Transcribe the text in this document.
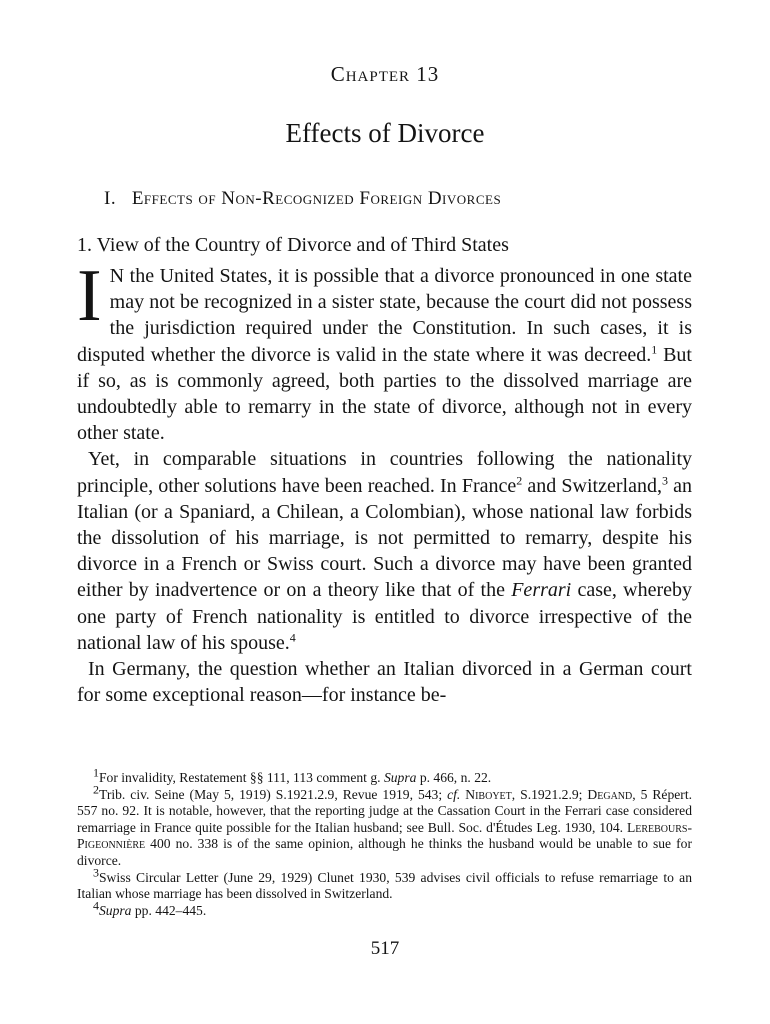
Chapter 13
Effects of Divorce
I. Effects of Non-Recognized Foreign Divorces
1. View of the Country of Divorce and of Third States

I N the United States, it is possible that a divorce pronounced in one state may not be recognized in a sister state, because the court did not possess the jurisdiction required under the Constitution. In such cases, it is disputed whether the divorce is valid in the state where it was decreed.$^1$ But if so, as is commonly agreed, both parties to the dissolved marriage are undoubtedly able to remarry in the state of divorce, although not in every other state.

Yet, in comparable situations in countries following the nationality principle, other solutions have been reached. In France$^2$ and Switzerland,$^3$ an Italian (or a Spaniard, a Chilean, a Colombian), whose national law forbids the dissolution of his marriage, is not permitted to remarry, despite his divorce in a French or Swiss court. Such a divorce may have been granted either by inadvertence or on a theory like that of the Ferrari case, whereby one party of French nationality is entitled to divorce irrespective of the national law of his spouse.$^4$

In Germany, the question whether an Italian divorced in a German court for some exceptional reason—for instance be-

1For invalidity, Restatement §§ 111, 113 comment g. Supra p. 466, n. 22.

2Trib. civ. Seine (May 5, 1919) S.1921.2.9, Revue 1919, 543; cf. Niboyet, S.1921.2.9; Degand, 5 Répert. 557 no. 92. It is notable, however, that the reporting judge at the Cassation Court in the Ferrari case considered remarriage in France quite possible for the Italian husband; see Bull. Soc. d'Études Leg. 1930, 104. Lerebours-Pigeonnière 400 no. 338 is of the same opinion, although he thinks the husband would be unable to sue for divorce.

3Swiss Circular Letter (June 29, 1929) Clunet 1930, 539 advises civil officials to refuse remarriage to an Italian whose marriage has been dissolved in Switzerland.

4Supra pp. 442–445.

517
